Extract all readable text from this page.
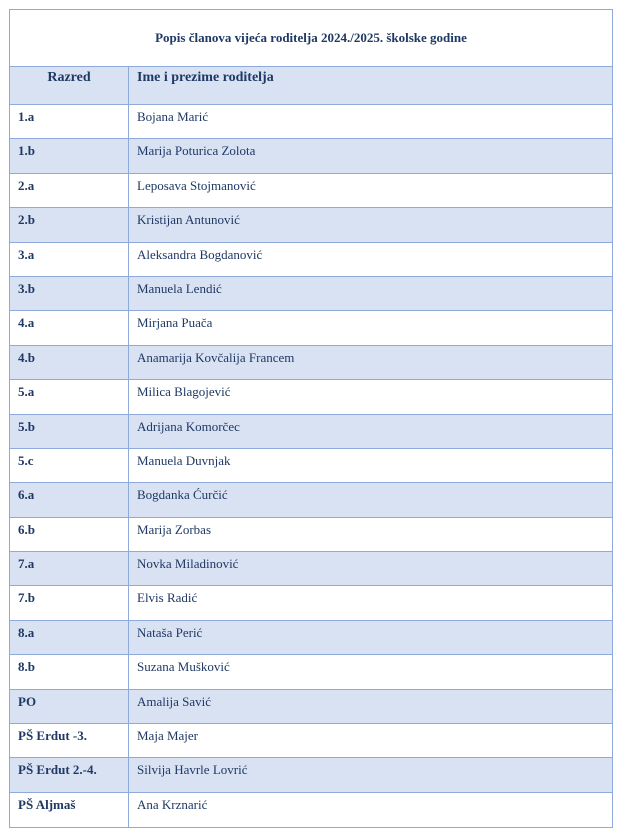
Popis članova vijeća roditelja 2024./2025. školske godine
Razred	Ime i prezime roditelja
1.a	Bojana Marić
1.b	Marija Poturica Zolota
2.a	Leposava Stojmanović
2.b	Kristijan Antunović
3.a	Aleksandra Bogdanović
3.b	Manuela Lendić
4.a	Mirjana Puača
4.b	Anamarija Kovčalija Francem
5.a	Milica Blagojević
5.b	Adrijana Komorčec
5.c	Manuela Duvnjak
6.a	Bogdanka Ćurčić
6.b	Marija Zorbas
7.a	Novka Miladinović
7.b	Elvis Radić
8.a	Nataša Perić
8.b	Suzana Mušković
PO	Amalija Savić
PŠ Erdut -3.	Maja Majer
PŠ Erdut 2.-4.	Silvija Havrle Lovrić
PŠ Aljmaš	Ana Krznarić
